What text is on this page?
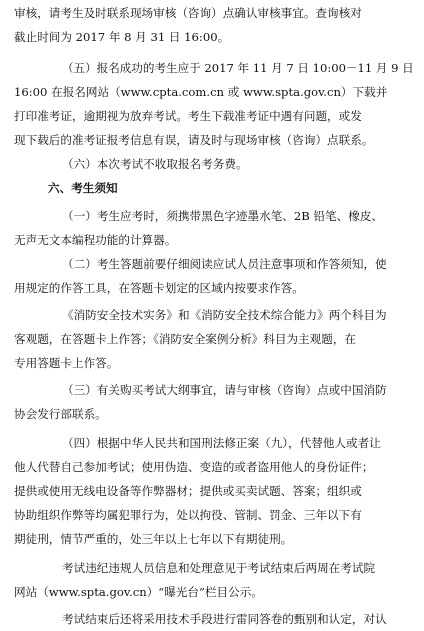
审核，请考生及时联系现场审核（咨询）点确认审核事宜。查询核对

截止时间为 2017 年 8 月 31 日 16:00。

（五）报名成功的考生应于 2017 年 11 月 7 日 10:00－11 月 9 日

16:00 在报名网站（www.cpta.com.cn 或 www.spta.gov.cn）下载并

打印准考证，逾期视为放弃考试。考生下载准考证中遇有问题，或发

现下载后的准考证报考信息有误，请及时与现场审核（咨询）点联系。

（六）本次考试不收取报名考务费。

六、考生须知

（一）考生应考时，须携带黑色字迹墨水笔、2B 铅笔、橡皮、

无声无文本编程功能的计算器。

（二）考生答题前要仔细阅读应试人员注意事项和作答须知，使

用规定的作答工具，在答题卡划定的区域内按要求作答。

《消防安全技术实务》和《消防安全技术综合能力》两个科目为

客观题，在答题卡上作答；《消防安全案例分析》科目为主观题，在

专用答题卡上作答。

（三）有关购买考试大纲事宜，请与审核（咨询）点或中国消防

协会发行部联系。

（四）根据中华人民共和国刑法修正案（九），代替他人或者让

他人代替自己参加考试；使用伪造、变造的或者盗用他人的身份证件；

提供或使用无线电设备等作弊器材；提供或买卖试题、答案；组织或

协助组织作弊等均属犯罪行为，处以拘役、管制、罚金、三年以下有

期徒刑，情节严重的，处三年以上七年以下有期徒刑。

考试违纪违规人员信息和处理意见于考试结束后两周在考试院

网站（www.spta.gov.cn）“曝光台”栏目公示。

考试结束后还将采用技术手段进行雷同答卷的甄别和认定，对认
